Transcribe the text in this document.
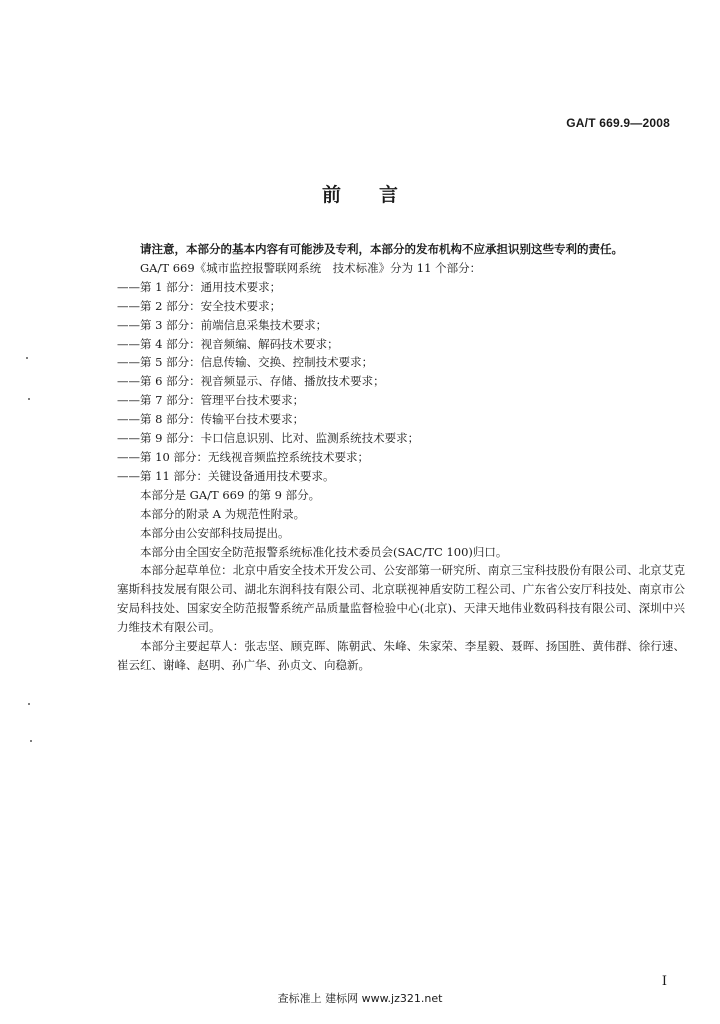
GA/T 669.9—2008
前言

请注意，本部分的基本内容有可能涉及专利，本部分的发布机构不应承担识别这些专利的责任。

GA/T 669《城市监控报警联网系统　技术标准》分为 11 个部分：

——第 1 部分：通用技术要求；

——第 2 部分：安全技术要求；

——第 3 部分：前端信息采集技术要求；

——第 4 部分：视音频编、解码技术要求；

——第 5 部分：信息传输、交换、控制技术要求；

——第 6 部分：视音频显示、存储、播放技术要求；

——第 7 部分：管理平台技术要求；

——第 8 部分：传输平台技术要求；

——第 9 部分：卡口信息识别、比对、监测系统技术要求；

——第 10 部分：无线视音频监控系统技术要求；

——第 11 部分：关键设备通用技术要求。

本部分是 GA/T 669 的第 9 部分。

本部分的附录 A 为规范性附录。

本部分由公安部科技局提出。

本部分由全国安全防范报警系统标准化技术委员会(SAC/TC 100)归口。

本部分起草单位：北京中盾安全技术开发公司、公安部第一研究所、南京三宝科技股份有限公司、北京艾克塞斯科技发展有限公司、湖北东润科技有限公司、北京联视神盾安防工程公司、广东省公安厅科技处、南京市公安局科技处、国家安全防范报警系统产品质量监督检验中心(北京)、天津天地伟业数码科技有限公司、深圳中兴力维技术有限公司。

本部分主要起草人：张志坚、顾克晖、陈朝武、朱峰、朱家荣、李星毅、聂晖、扬国胜、黄伟群、徐行速、崔云红、谢峰、赵明、孙广华、孙贞文、向稳新。

I
查标准上 建标网 www.jz321.net
